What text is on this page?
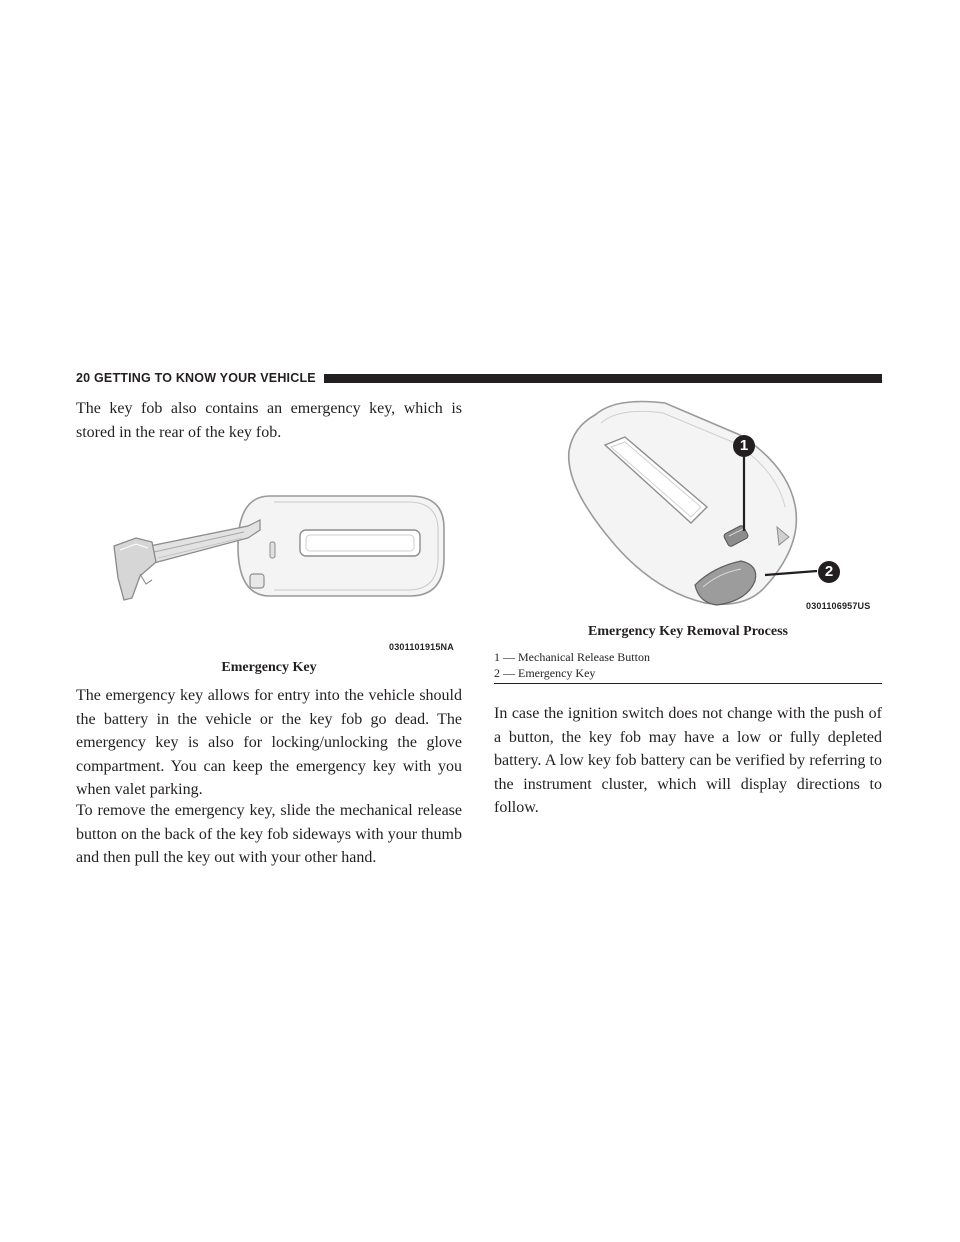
20 GETTING TO KNOW YOUR VEHICLE

The key fob also contains an emergency key, which is stored in the rear of the key fob.

0301101915NA
Emergency Key

The emergency key allows for entry into the vehicle should the battery in the vehicle or the key fob go dead. The emergency key is also for locking/unlocking the glove compartment. You can keep the emergency key with you when valet parking.

To remove the emergency key, slide the mechanical release button on the back of the key fob sideways with your thumb and then pull the key out with your other hand.

1
2
0301106957US
Emergency Key Removal Process
1 — Mechanical Release Button
2 — Emergency Key

In case the ignition switch does not change with the push of a button, the key fob may have a low or fully depleted battery. A low key fob battery can be verified by referring to the instrument cluster, which will display directions to follow.
